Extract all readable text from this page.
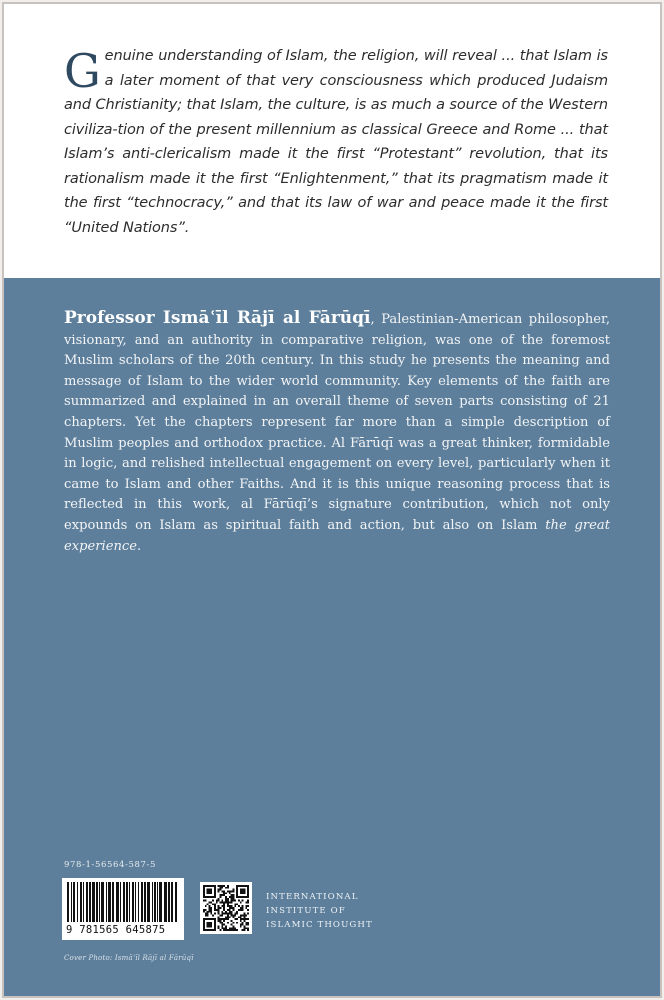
Genuine understanding of Islam, the religion, will reveal ... that Islam is a later moment of that very consciousness which produced Judaism and Christianity; that Islam, the culture, is as much a source of the Western civiliza-tion of the present millennium as classical Greece and Rome ... that Islam’s anti-clericalism made it the first “Protestant” revolution, that its rationalism made it the first “Enlightenment,” that its pragmatism made it the first “technocracy,” and that its law of war and peace made it the first “United Nations”.
Professor Ismāʿīl Rājī al Fārūqī, Palestinian-American philosopher, visionary, and an authority in comparative religion, was one of the foremost Muslim scholars of the 20th century. In this study he presents the meaning and message of Islam to the wider world community. Key elements of the faith are summarized and explained in an overall theme of seven parts consisting of 21 chapters. Yet the chapters represent far more than a simple description of Muslim peoples and orthodox practice. Al Fārūqī was a great thinker, formidable in logic, and relished intellectual engagement on every level, particularly when it came to Islam and other Faiths. And it is this unique reasoning process that is reflected in this work, al Fārūqī’s signature contribution, which not only expounds on Islam as spiritual faith and action, but also on Islam the great experience.
978-1-56564-587-5
9 781565 645875
INTERNATIONAL
INSTITUTE OF
ISLAMIC THOUGHT
Cover Photo: Ismāʿīl Rājī al Fārūqī
